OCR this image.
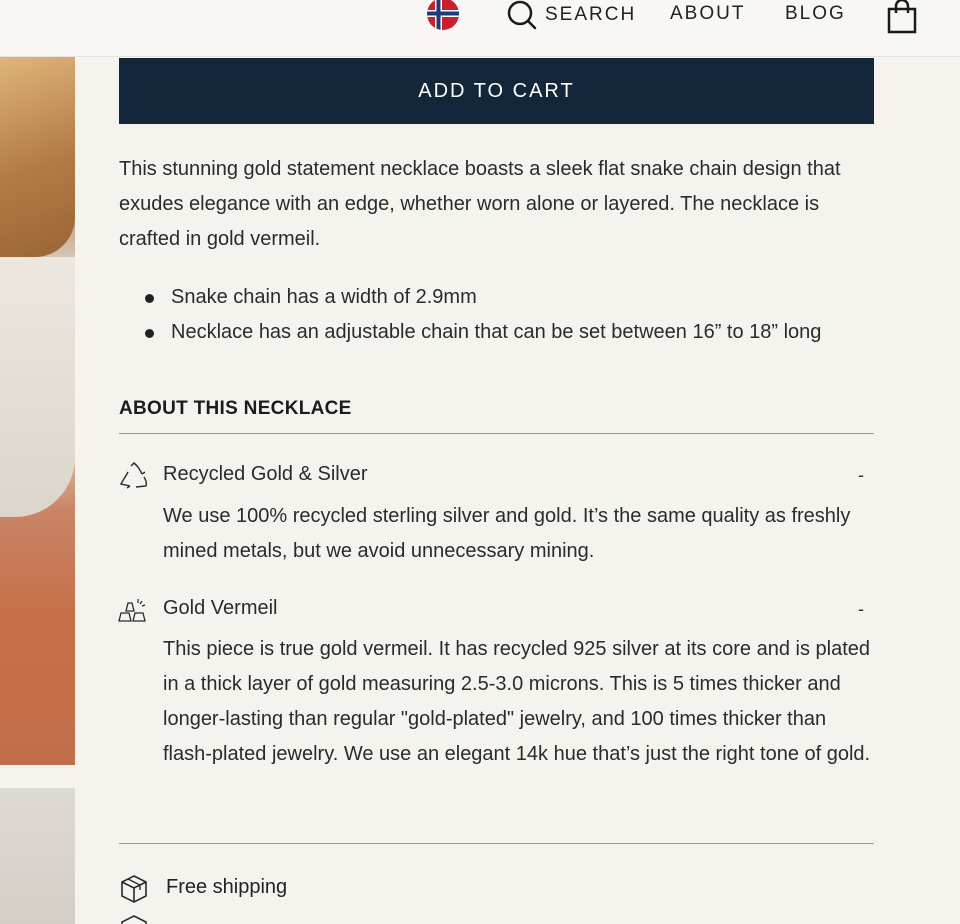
SEARCH ABOUT BLOG
ADD TO CART

This stunning gold statement necklace boasts a sleek flat snake chain design that exudes elegance with an edge, whether worn alone or layered. The necklace is crafted in gold vermeil.

Snake chain has a width of 2.9mm
Necklace has an adjustable chain that can be set between 16” to 18” long
ABOUT THIS NECKLACE
Recycled Gold & Silver	-

We use 100% recycled sterling silver and gold. It’s the same quality as freshly mined metals, but we avoid unnecessary mining.

Gold Vermeil	-

This piece is true gold vermeil. It has recycled 925 silver at its core and is plated in a thick layer of gold measuring 2.5-3.0 microns. This is 5 times thicker and longer-lasting than regular "gold-plated" jewelry, and 100 times thicker than flash-plated jewelry. We use an elegant 14k hue that’s just the right tone of gold.

Free shipping
